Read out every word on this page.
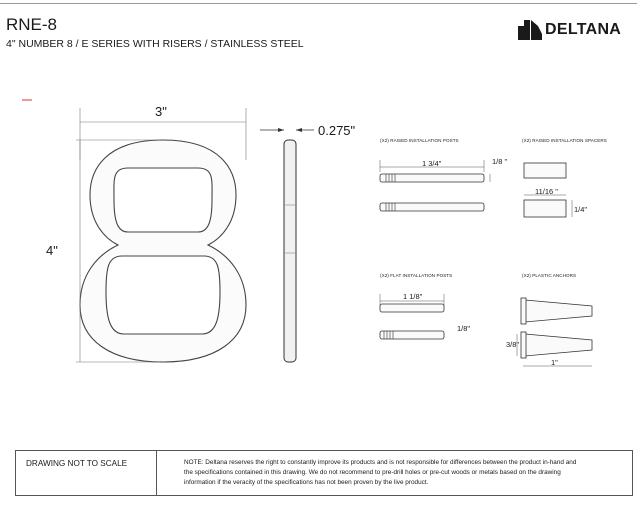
RNE-8
4" NUMBER 8 / E SERIES WITH RISERS / STAINLESS STEEL
DELTANA
3"
4"
0.275"
(X2) RAISED INSTALLATION POSTS
1 3/4"	1/8 "
(X2) RAISED INSTALLATION SPACERS
11/16 "
1/4"
(X2) FLAT INSTALLATION POSTS
1 1/8"
1/8"
(X2) PLASTIC ANCHORS
3/8"
1"
DRAWING NOT TO SCALE	NOTE: Deltana reserves the right to constantly improve its products and is not responsible for differences between the product in-hand and
the specifications contained in this drawing. We do not recommend to pre-drill holes or pre-cut woods or metals based on the drawing
information if the veracity of the specifications has not been proven by the live product.
